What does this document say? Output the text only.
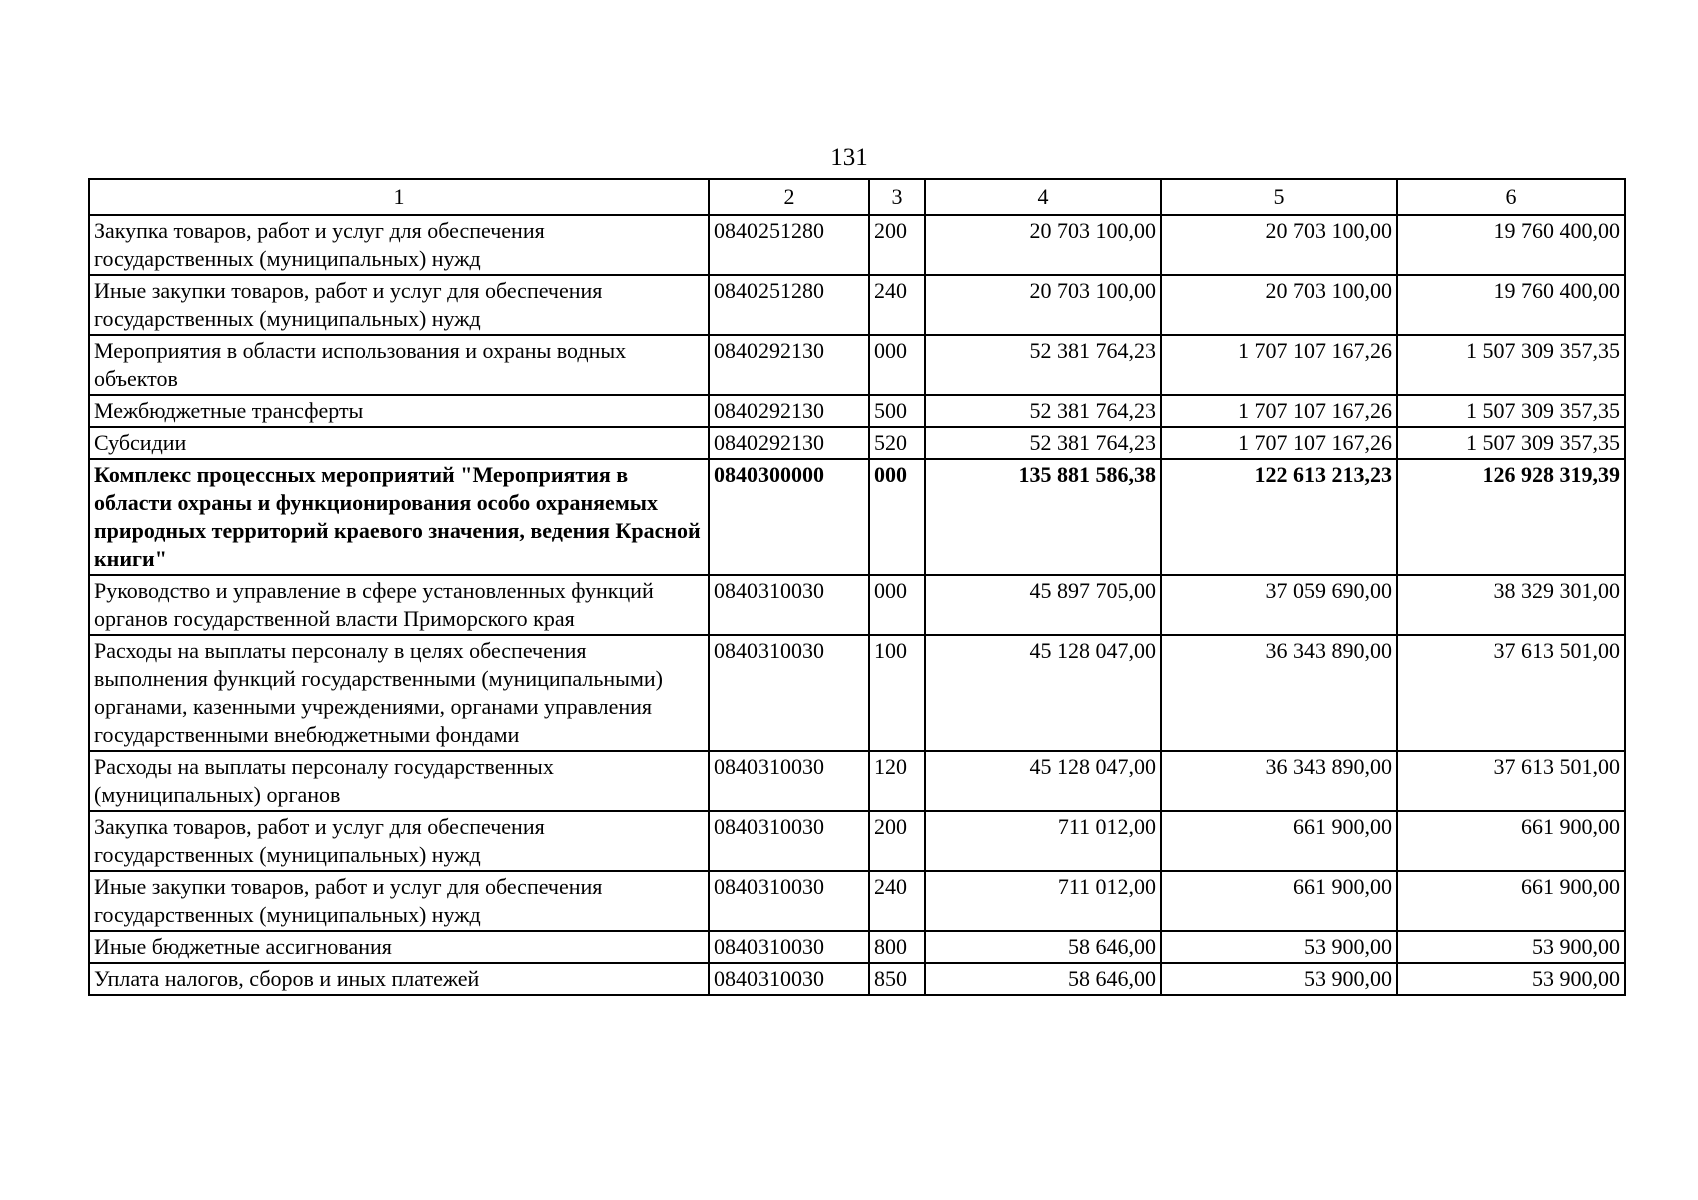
131
1	2	3	4	5	6
Закупка товаров, работ и услуг для обеспечения государственных (муниципальных) нужд	0840251280	200	20 703 100,00	20 703 100,00	19 760 400,00
Иные закупки товаров, работ и услуг для обеспечения государственных (муниципальных) нужд	0840251280	240	20 703 100,00	20 703 100,00	19 760 400,00
Мероприятия в области использования и охраны водных объектов	0840292130	000	52 381 764,23	1 707 107 167,26	1 507 309 357,35
Межбюджетные трансферты	0840292130	500	52 381 764,23	1 707 107 167,26	1 507 309 357,35
Субсидии	0840292130	520	52 381 764,23	1 707 107 167,26	1 507 309 357,35
Комплекс процессных мероприятий "Мероприятия в области охраны и функционирования особо охраняемых природных территорий краевого значения, ведения Красной книги"	0840300000	000	135 881 586,38	122 613 213,23	126 928 319,39
Руководство и управление в сфере установленных функций органов государственной власти Приморского края	0840310030	000	45 897 705,00	37 059 690,00	38 329 301,00
Расходы на выплаты персоналу в целях обеспечения выполнения функций государственными (муниципальными) органами, казенными учреждениями, органами управления государственными внебюджетными фондами	0840310030	100	45 128 047,00	36 343 890,00	37 613 501,00
Расходы на выплаты персоналу государственных (муниципальных) органов	0840310030	120	45 128 047,00	36 343 890,00	37 613 501,00
Закупка товаров, работ и услуг для обеспечения государственных (муниципальных) нужд	0840310030	200	711 012,00	661 900,00	661 900,00
Иные закупки товаров, работ и услуг для обеспечения государственных (муниципальных) нужд	0840310030	240	711 012,00	661 900,00	661 900,00
Иные бюджетные ассигнования	0840310030	800	58 646,00	53 900,00	53 900,00
Уплата налогов, сборов и иных платежей	0840310030	850	58 646,00	53 900,00	53 900,00
